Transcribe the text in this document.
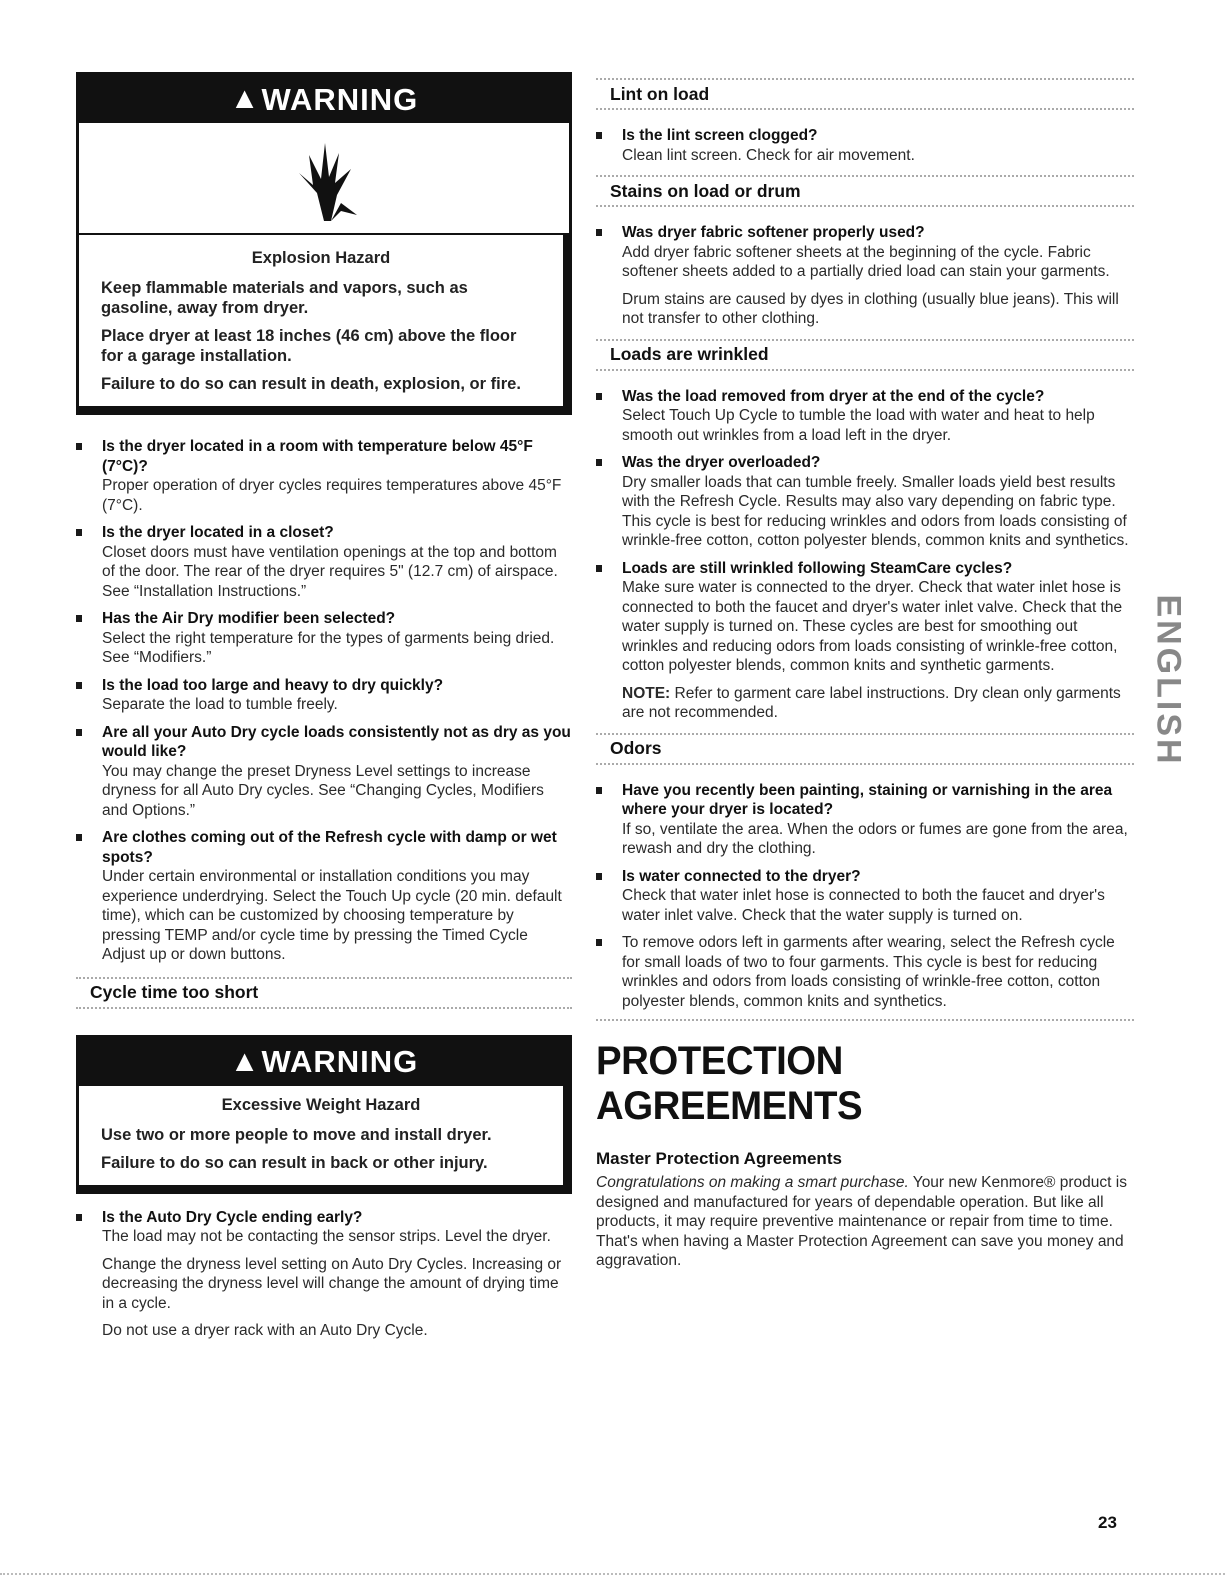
▲ WARNING
Explosion Hazard
Keep flammable materials and vapors, such as gasoline, away from dryer.
Place dryer at least 18 inches (46 cm) above the floor for a garage installation.
Failure to do so can result in death, explosion, or fire.
Is the dryer located in a room with temperature below 45°F (7°C)?
Proper operation of dryer cycles requires temperatures above 45°F (7°C).
Is the dryer located in a closet?
Closet doors must have ventilation openings at the top and bottom of the door. The rear of the dryer requires 5" (12.7 cm) of airspace. See “Installation Instructions.”
Has the Air Dry modifier been selected?
Select the right temperature for the types of garments being dried. See “Modifiers.”
Is the load too large and heavy to dry quickly?
Separate the load to tumble freely.
Are all your Auto Dry cycle loads consistently not as dry as you would like?
You may change the preset Dryness Level settings to increase dryness for all Auto Dry cycles. See “Changing Cycles, Modifiers and Options.”
Are clothes coming out of the Refresh cycle with damp or wet spots?
Under certain environmental or installation conditions you may experience underdrying. Select the Touch Up cycle (20 min. default time), which can be customized by choosing temperature by pressing TEMP and/or cycle time by pressing the Timed Cycle Adjust up or down buttons.
Cycle time too short
▲ WARNING
Excessive Weight Hazard
Use two or more people to move and install dryer.
Failure to do so can result in back or other injury.
Is the Auto Dry Cycle ending early?
The load may not be contacting the sensor strips. Level the dryer.
Change the dryness level setting on Auto Dry Cycles. Increasing or decreasing the dryness level will change the amount of drying time in a cycle.
Do not use a dryer rack with an Auto Dry Cycle.
Lint on load
Is the lint screen clogged?
Clean lint screen. Check for air movement.
Stains on load or drum
Was dryer fabric softener properly used?
Add dryer fabric softener sheets at the beginning of the cycle. Fabric softener sheets added to a partially dried load can stain your garments.
Drum stains are caused by dyes in clothing (usually blue jeans). This will not transfer to other clothing.
Loads are wrinkled
Was the load removed from dryer at the end of the cycle?
Select Touch Up Cycle to tumble the load with water and heat to help smooth out wrinkles from a load left in the dryer.
Was the dryer overloaded?
Dry smaller loads that can tumble freely. Smaller loads yield best results with the Refresh Cycle. Results may also vary depending on fabric type. This cycle is best for reducing wrinkles and odors from loads consisting of wrinkle-free cotton, cotton polyester blends, common knits and synthetics.
Loads are still wrinkled following SteamCare cycles?
Make sure water is connected to the dryer. Check that water inlet hose is connected to both the faucet and dryer's water inlet valve. Check that the water supply is turned on. These cycles are best for smoothing out wrinkles and reducing odors from loads consisting of wrinkle-free cotton, cotton polyester blends, common knits and synthetic garments.
NOTE: Refer to garment care label instructions. Dry clean only garments are not recommended.
Odors
Have you recently been painting, staining or varnishing in the area where your dryer is located?
If so, ventilate the area. When the odors or fumes are gone from the area, rewash and dry the clothing.
Is water connected to the dryer?
Check that water inlet hose is connected to both the faucet and dryer's water inlet valve. Check that the water supply is turned on.
To remove odors left in garments after wearing, select the Refresh cycle for small loads of two to four garments. This cycle is best for reducing wrinkles and odors from loads consisting of wrinkle-free cotton, cotton polyester blends, common knits and synthetics.
PROTECTION AGREEMENTS
Master Protection Agreements
Congratulations on making a smart purchase. Your new Kenmore® product is designed and manufactured for years of dependable operation. But like all products, it may require preventive maintenance or repair from time to time. That's when having a Master Protection Agreement can save you money and aggravation.
ENGLISH
23
